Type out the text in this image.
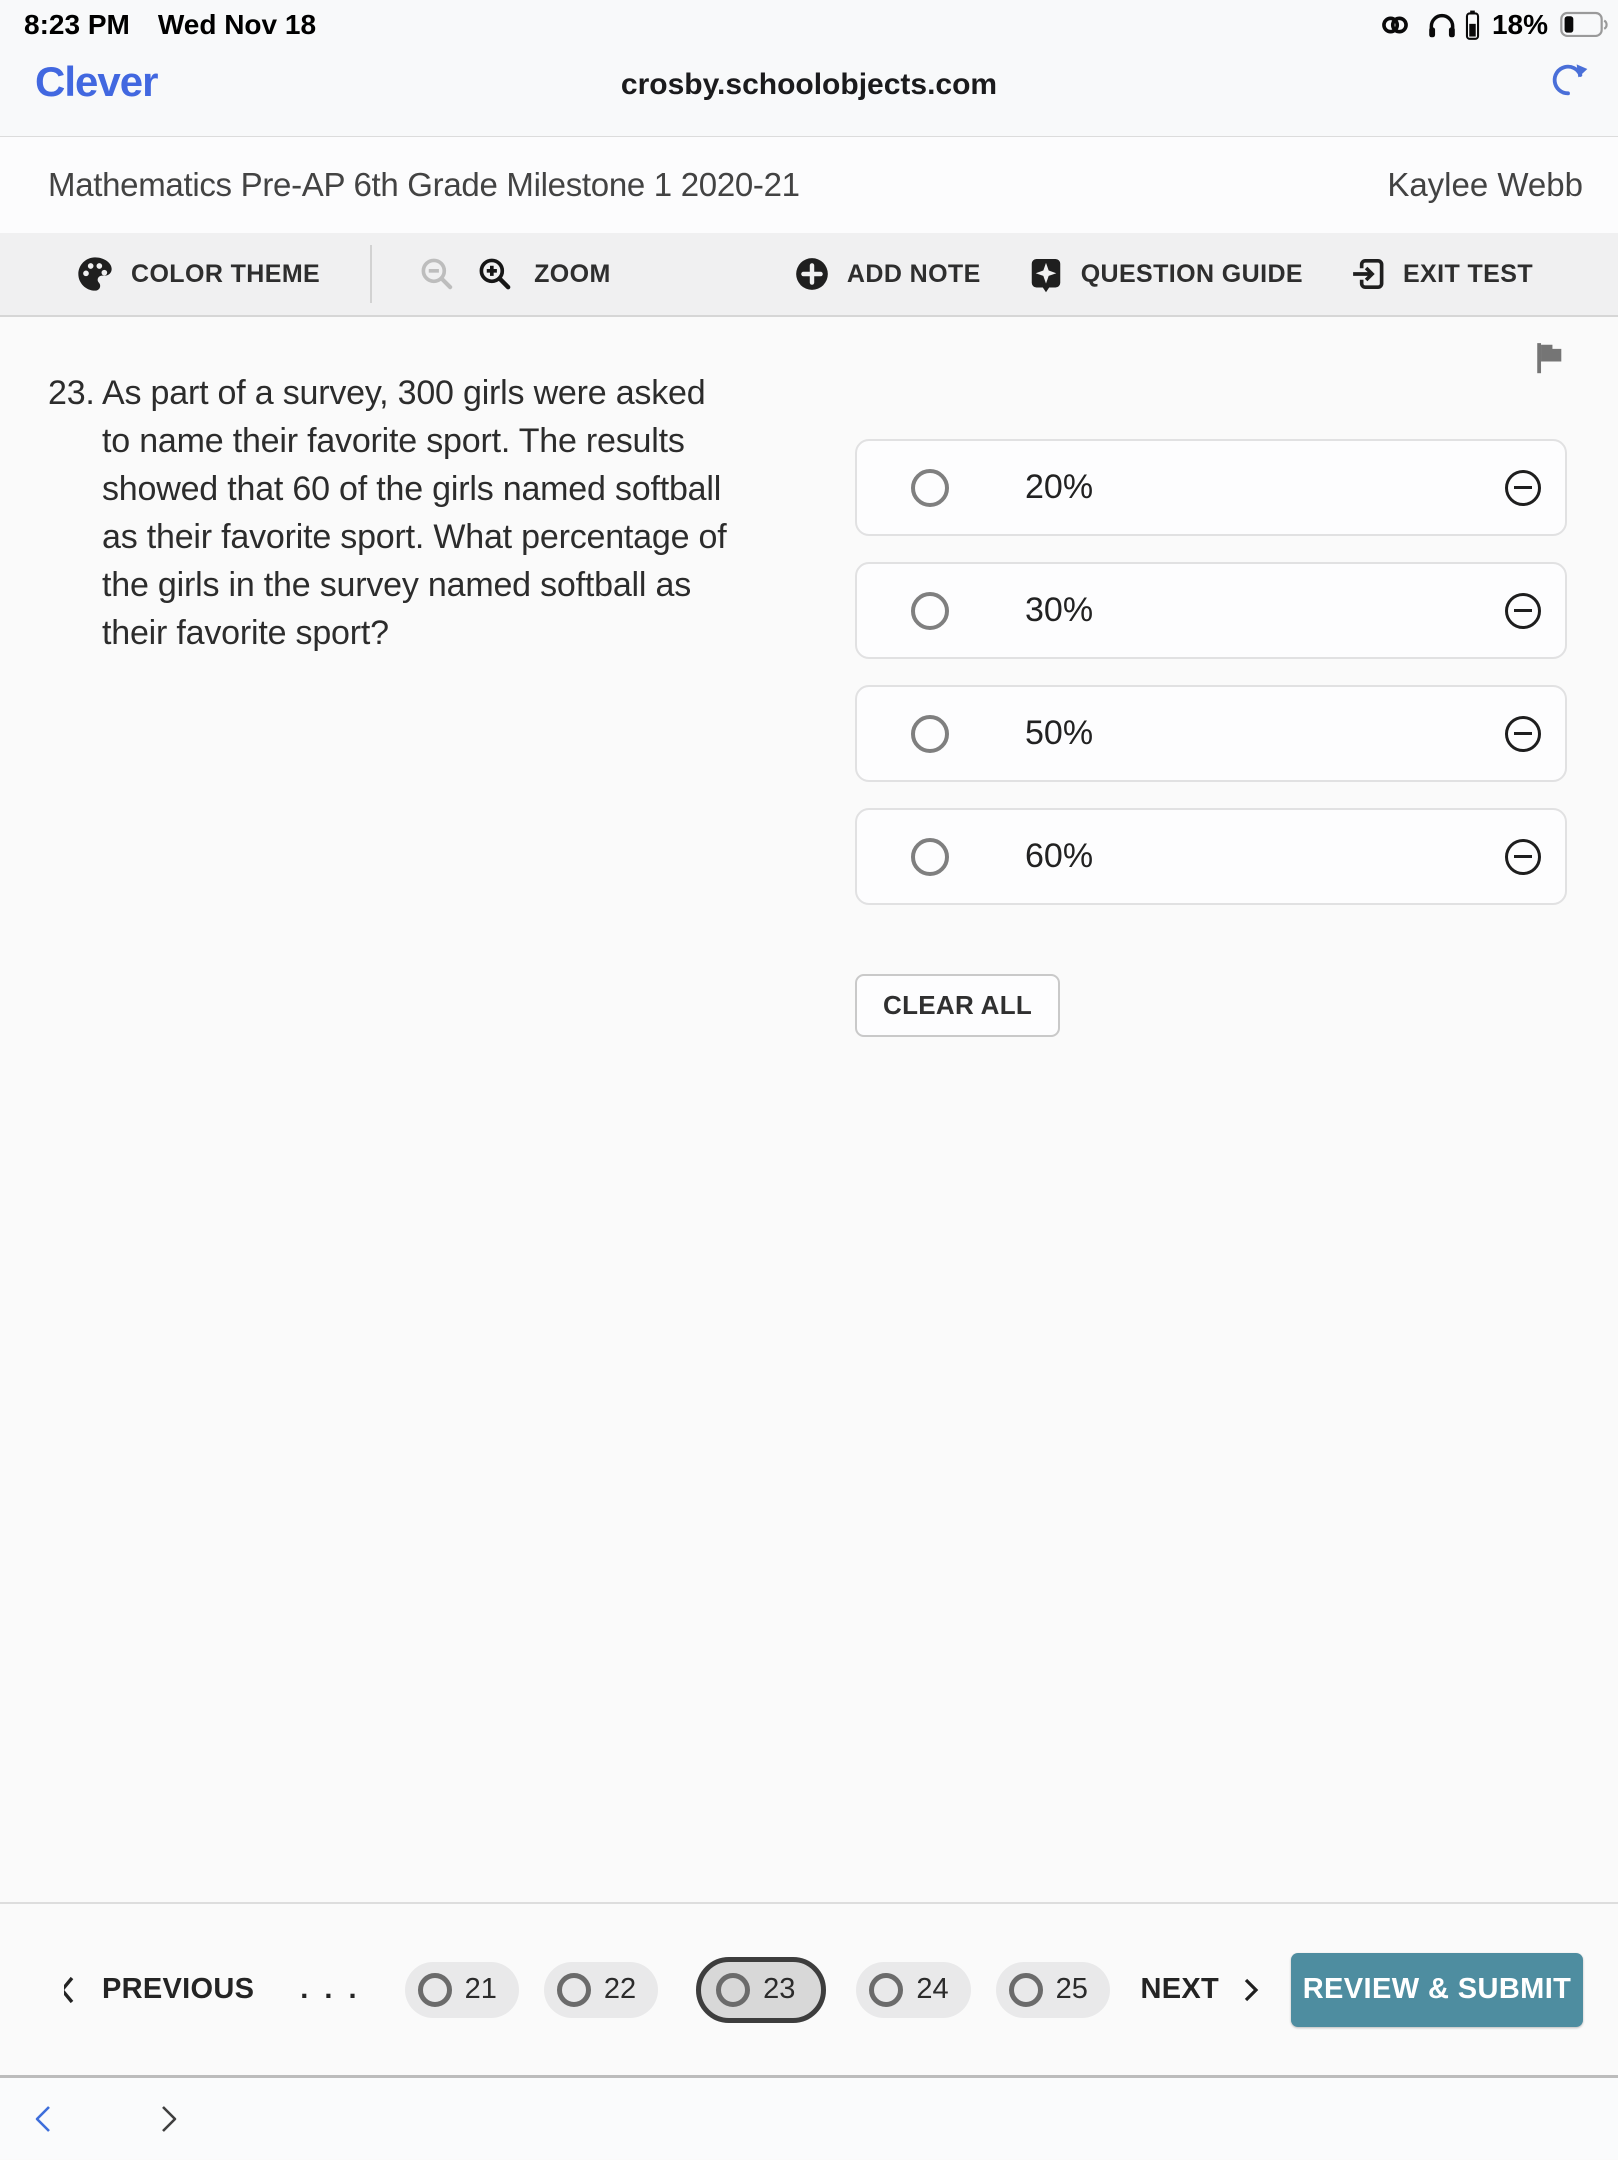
8:23 PM Wed Nov 18	18%
Clever	crosby.schoolobjects.com
Mathematics Pre-AP 6th Grade Milestone 1 2020-21	Kaylee Webb
COLOR THEME	ZOOM	ADD NOTE	QUESTION GUIDE	EXIT TEST
23. As part of a survey, 300 girls were asked to name their favorite sport. The results showed that 60 of the girls named softball as their favorite sport. What percentage of the girls in the survey named softball as their favorite sport?
20%
30%
50%
60%
CLEAR ALL
PREVIOUS . . .	21	22	23	24	25 NEXT	REVIEW & SUBMIT
